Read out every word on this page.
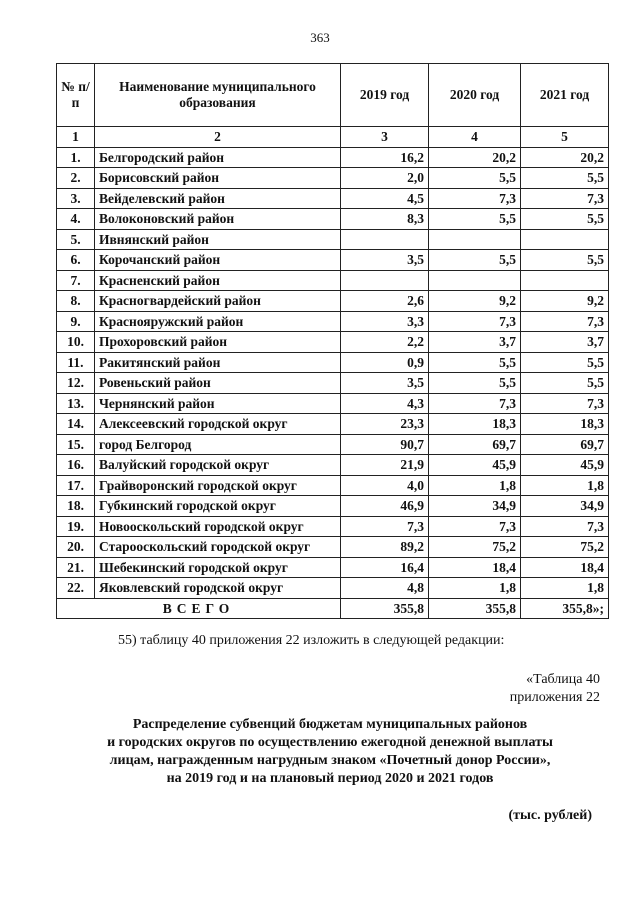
363
№ п/п	Наименование муниципального образования	2019 год	2020 год	2021 год
1	2	3	4	5
1.	Белгородский район	16,2	20,2	20,2
2.	Борисовский район	2,0	5,5	5,5
3.	Вейделевский район	4,5	7,3	7,3
4.	Волоконовский район	8,3	5,5	5,5
5.	Ивнянский район			
6.	Корочанский район	3,5	5,5	5,5
7.	Красненский район			
8.	Красногвардейский район	2,6	9,2	9,2
9.	Краснояружский район	3,3	7,3	7,3
10.	Прохоровский район	2,2	3,7	3,7
11.	Ракитянский район	0,9	5,5	5,5
12.	Ровеньский район	3,5	5,5	5,5
13.	Чернянский район	4,3	7,3	7,3
14.	Алексеевский городской округ	23,3	18,3	18,3
15.	город Белгород	90,7	69,7	69,7
16.	Валуйский городской округ	21,9	45,9	45,9
17.	Грайворонский городской округ	4,0	1,8	1,8
18.	Губкинский городской округ	46,9	34,9	34,9
19.	Новооскольский городской округ	7,3	7,3	7,3
20.	Старооскольский городской округ	89,2	75,2	75,2
21.	Шебекинский городской округ	16,4	18,4	18,4
22.	Яковлевский городской округ	4,8	1,8	1,8
ВСЕГО		355,8	355,8	355,8»;
55) таблицу 40 приложения 22 изложить в следующей редакции:
«Таблица 40
приложения 22
Распределение субвенций бюджетам муниципальных районов
и городских округов по осуществлению ежегодной денежной выплаты
лицам, награжденным нагрудным знаком «Почетный донор России»,
на 2019 год и на плановый период 2020 и 2021 годов
(тыс. рублей)
